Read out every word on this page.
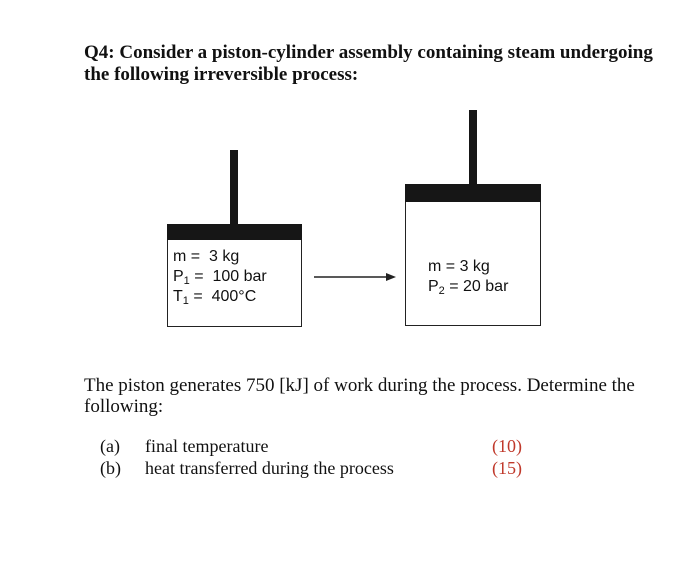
Q4: Consider a piston-cylinder assembly containing steam undergoing the following irreversible process:
m =  3 kg
$P_1 = 100$ bar
$T_1 = 400^\circ C$
m = 3 kg
$P_2 = 20$ bar

The piston generates 750 [kJ] of work during the process. Determine the following:

(a) final temperature	(10)
(b) heat transferred during the process	(15)
